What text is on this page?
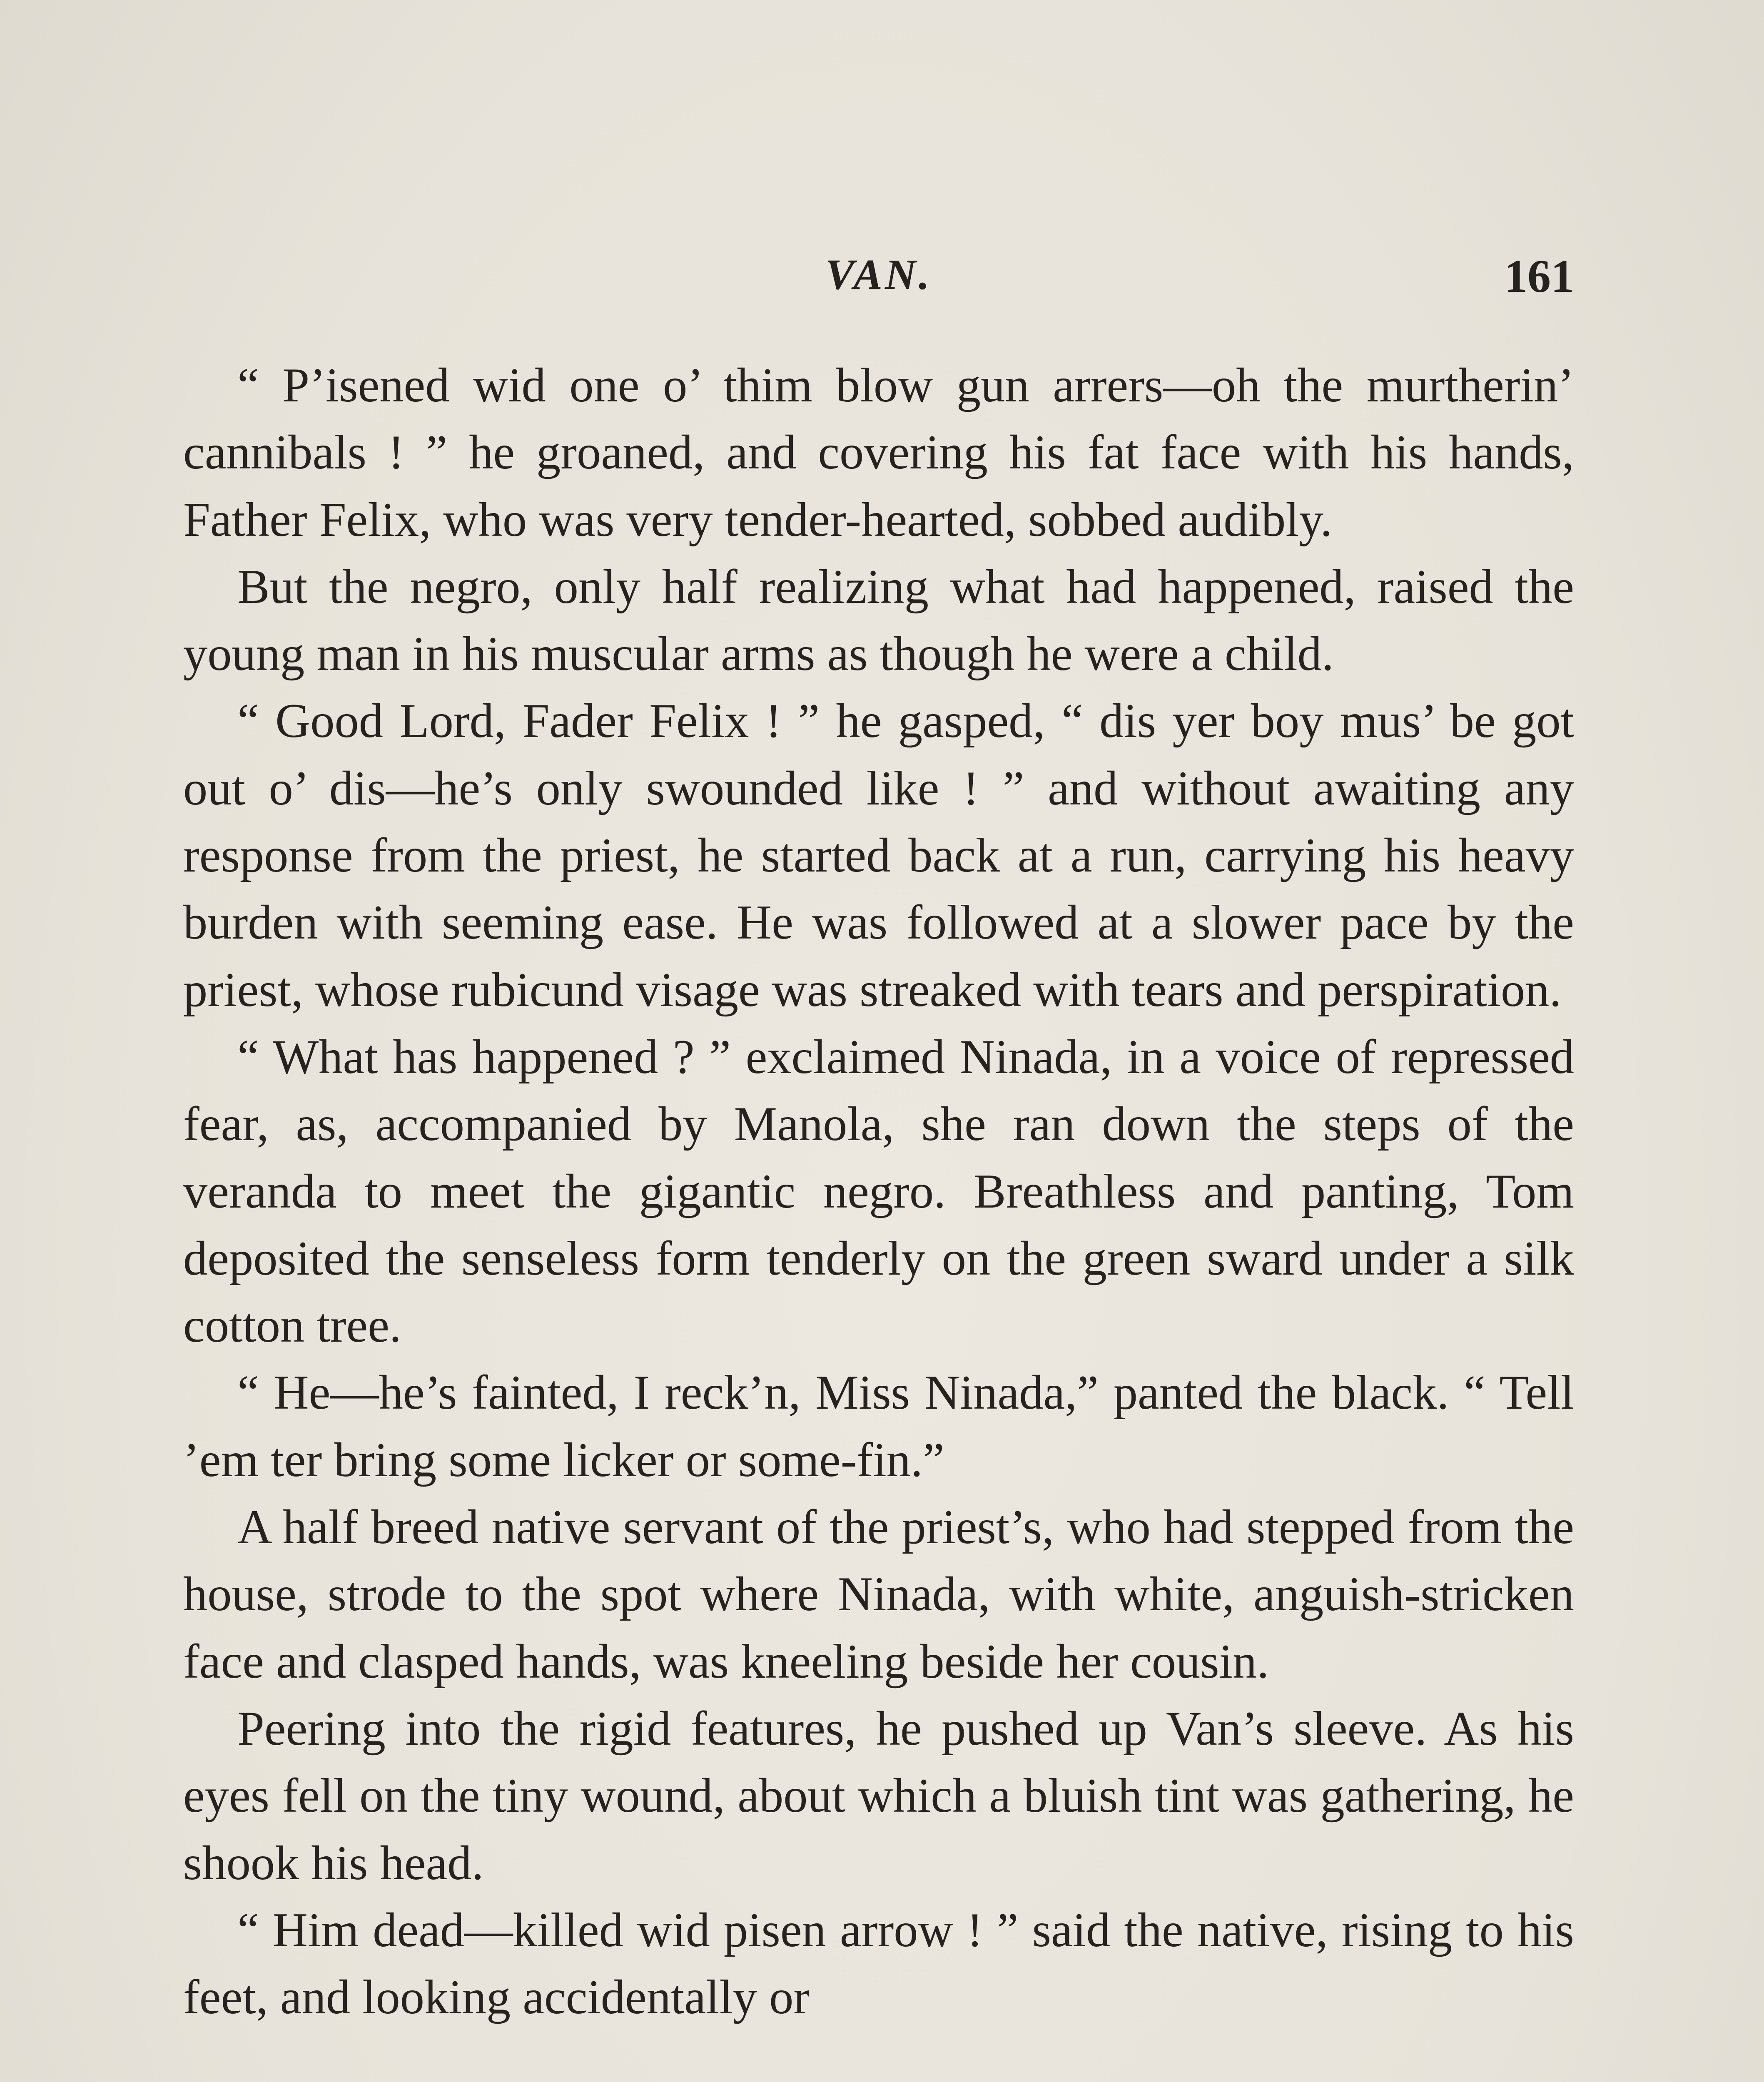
VAN.	161

“ P’isened wid one o’ thim blow gun arrers—oh the murtherin’ cannibals ! ” he groaned, and covering his fat face with his hands, Father Felix, who was very tender-hearted, sobbed audibly.

But the negro, only half realizing what had happened, raised the young man in his muscular arms as though he were a child.

“ Good Lord, Fader Felix ! ” he gasped, “ dis yer boy mus’ be got out o’ dis—he’s only swounded like ! ” and without awaiting any response from the priest, he started back at a run, carrying his heavy burden with seeming ease. He was followed at a slower pace by the priest, whose rubicund visage was streaked with tears and perspiration.

“ What has happened ? ” exclaimed Ninada, in a voice of repressed fear, as, accompanied by Manola, she ran down the steps of the veranda to meet the gigantic negro. Breathless and panting, Tom deposited the senseless form tenderly on the green sward under a silk cotton tree.

“ He—he’s fainted, I reck’n, Miss Ninada,” panted the black. “ Tell ’em ter bring some licker or some-fin.”

A half breed native servant of the priest’s, who had stepped from the house, strode to the spot where Ninada, with white, anguish-stricken face and clasped hands, was kneeling beside her cousin.

Peering into the rigid features, he pushed up Van’s sleeve. As his eyes fell on the tiny wound, about which a bluish tint was gathering, he shook his head.

“ Him dead—killed wid pisen arrow ! ” said the native, rising to his feet, and looking accidentally or
